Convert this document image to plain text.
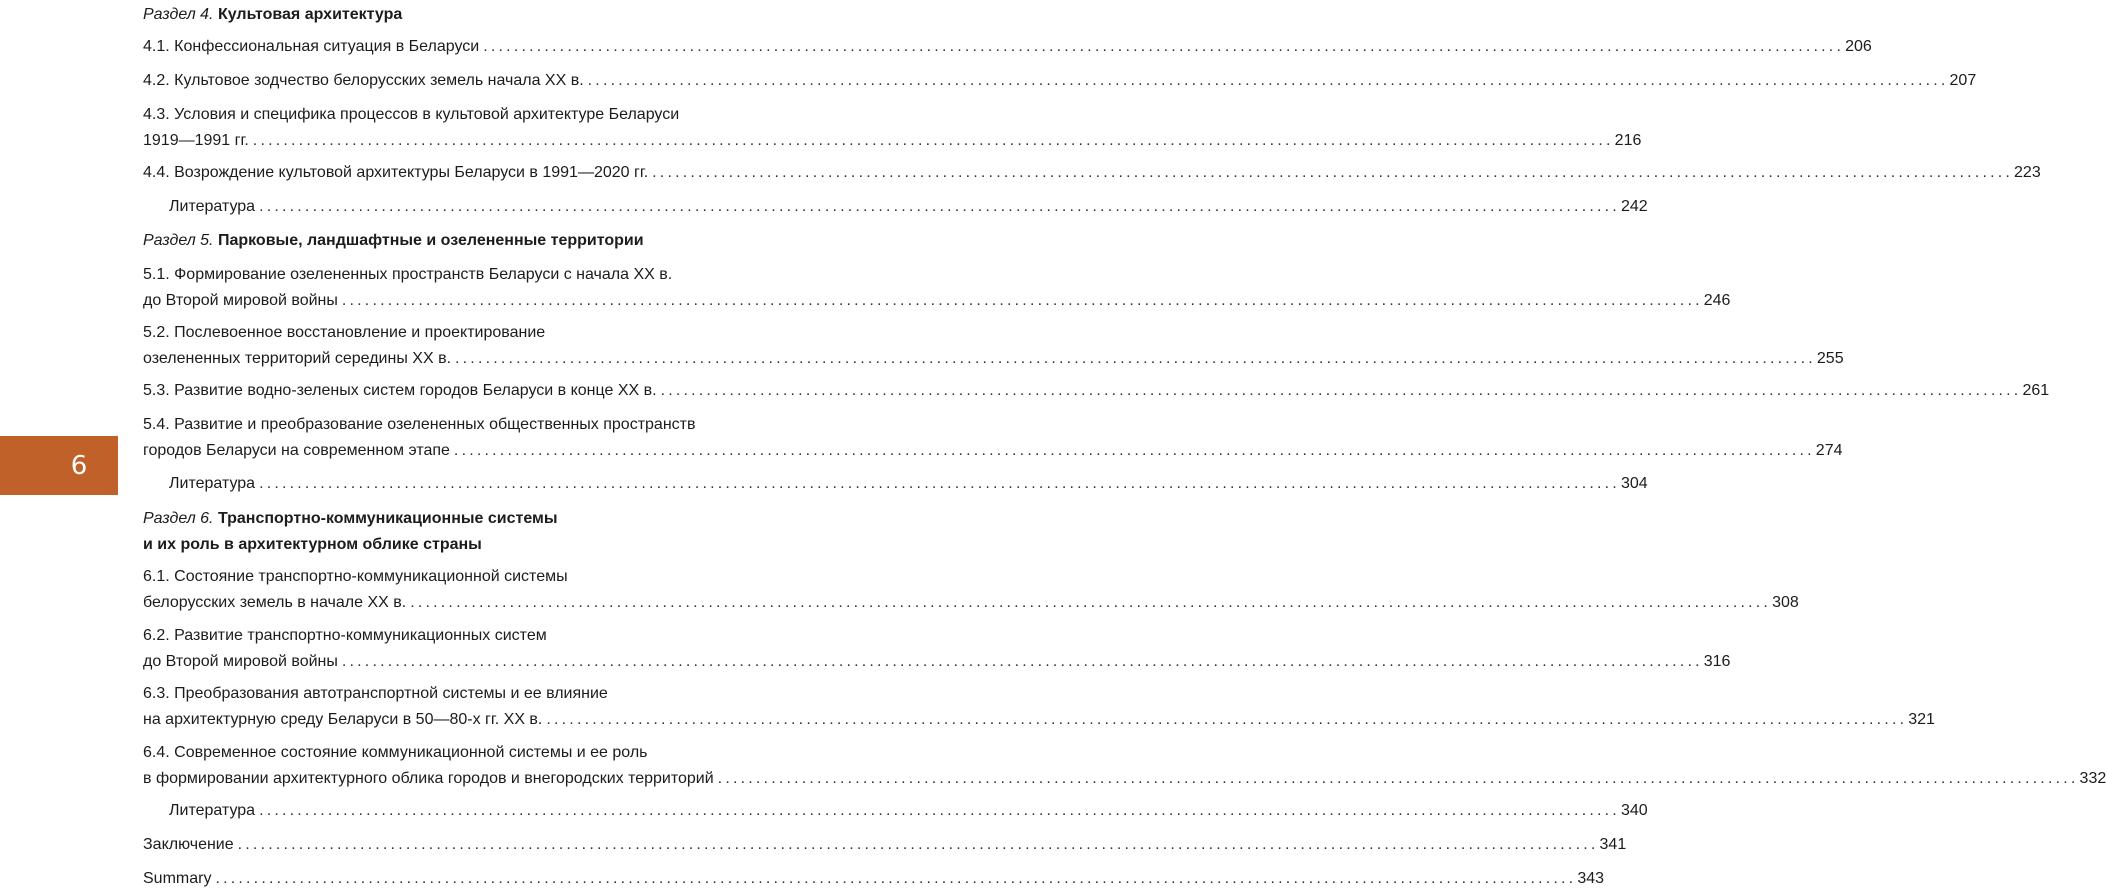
6
Раздел 4. Культовая архитектура
4.1. Конфессиональная ситуация в Беларуси .................................................................................................................................................................................. 206
4.2. Культовое зодчество белорусских земель начала XX в. .................................................................................................................................................................................. 207
4.3. Условия и специфика процессов в культовой архитектуре Беларуси
1919—1991 гг. .................................................................................................................................................................................. 216
4.4. Возрождение культовой архитектуры Беларуси в 1991—2020 гг. .................................................................................................................................................................................. 223
Литература .................................................................................................................................................................................. 242
Раздел 5. Парковые, ландшафтные и озелененные территории
5.1. Формирование озелененных пространств Беларуси с начала XX в.
до Второй мировой войны .................................................................................................................................................................................. 246
5.2. Послевоенное восстановление и проектирование
озелененных территорий середины XX в. .................................................................................................................................................................................. 255
5.3. Развитие водно-зеленых систем городов Беларуси в конце XX в. .................................................................................................................................................................................. 261
5.4. Развитие и преобразование озелененных общественных пространств
городов Беларуси на современном этапе .................................................................................................................................................................................. 274
Литература .................................................................................................................................................................................. 304
Раздел 6. Транспортно-коммуникационные системы
и их роль в архитектурном облике страны
6.1. Состояние транспортно-коммуникационной системы
белорусских земель в начале XX в. .................................................................................................................................................................................. 308
6.2. Развитие транспортно-коммуникационных систем
до Второй мировой войны .................................................................................................................................................................................. 316
6.3. Преобразования автотранспортной системы и ее влияние
на архитектурную среду Беларуси в 50—80-х гг. XX в. .................................................................................................................................................................................. 321
6.4. Современное состояние коммуникационной системы и ее роль
в формировании архитектурного облика городов и внегородских территорий .................................................................................................................................................................................. 332
Литература .................................................................................................................................................................................. 340
Заключение .................................................................................................................................................................................. 341
Summary .................................................................................................................................................................................. 343
